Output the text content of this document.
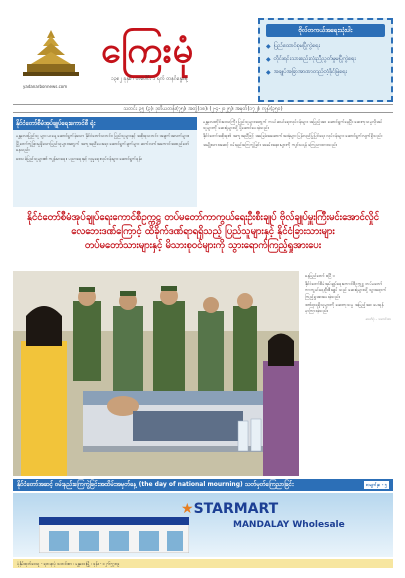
yadanarbonnews.com
ကြေးမုံ
၁၃၈၂ ခုနှစ် ၊ တပေါင်း ၁ ရက် တနင်္ဂနွေနေ့
ဗိုလ်တကယ်အရေးသုံးပါး
◆ ပြည်ထောင်စုမပြိုကွဲရေး
◆ တိုင်းရင်းသားစည်းလုံးညီညွတ်မှုမပြိုကွဲရေး
◆ အချုပ်အခြာအာဏာတည်တံ့ခိုင်မြဲရေး
သတင်း ၃၅ (၃)၊ ဒုတိယတန်း(၇၅)၊ အတွဲ(၁၈)၊ (၂-၄-၂၀၂၅)၊ အမှတ်(၁၇၂)၊ ကျပ်(၃၅၀)
နိုင်ငံတော်စီမံအုပ်ချုပ်ရေးကောင်စီ ရုံး

မန္တလေးပြည်သူ များ ယနေ့ ဆောင်ရွက်ခဲ့သော နိုင်ငံတော်သတင်း၊ ပြည်သူများနှင့် အစိုးရသတင်း အချက်အလက်များ။

မြို့တော်ကွဲခြားမှုရှိသောပြည်သူများအတွက် အကူအညီပေးရေး ဆောင်ရွက်ချက်များ ဆက်လက်အကောင်အထည်ဖော်နေသည်။

ဒေသခံပြည်သူများ၏ ကျန်းမာရေး၊ ပညာရေးနှင့် လူမှုရေးလုပ်ငန်းများ ဆောင်ရွက်ရန်။

မန္တလေးတိုင်းဒေသကြီး ပြည်သူများအတွက် ကယ်ဆယ်ရေးလုပ်ငန်းများ အပြည့်အဝ ဆောင်ရွက်နေပြီး ဆေးကုသမှုလိုအပ်သူများကို ဆေးရုံများသို့ ပို့ဆောင်ပေးခဲ့သည်။

နိုင်ငံတော်အစိုးရ၏ အကူအညီဖြင့် အခြေခံအဆောက်အအုံများ ပြန်လည်ပြုပြင်ရေး လုပ်ငန်းများ ဆောင်ရွက်လျက်ရှိသည်။

အမျိုးသားအဆင့် ဝမ်းနည်းကြေကွဲခြင်း အခမ်းအနားများကို ကျင်းပရန် ကြေညာထားသည်။

နိုင်ငံတော်စီမံအုပ်ချုပ်ရေးကောင်စီဥက္ကဋ္ဌ တပ်မတော်ကာကွယ်ရေးဦးစီးချုပ် ဗိုလ်ချုပ်မှူးကြီးမင်းအောင်လှိုင်
လေဘေးဒဏ်ကြောင့် ထိခိုက်ဒဏ်ရာရရှိသည့် ပြည်သူများနှင့် နိုင်ငံခြားသားများ
တပ်မတော်သားများနှင့် မိသားစုဝင်များကို သွားရောက်ကြည့်ရှုအားပေး

နေပြည်တော် ဧပြီ ၁

နိုင်ငံတော်စီမံအုပ်ချုပ်ရေးကောင်စီဥက္ကဋ္ဌ တပ်မတော်ကာကွယ်ရေးဦးစီးချုပ် သည် ဆေးရုံများသို့ သွားရောက်ကြည့်ရှုအားပေးခဲ့သည်။

ဒဏ်ရာရရှိသူများကို ဆေးကုသမှု အပြည့်အဝ ပေးရန် မှာကြားခဲ့သည်။

ဓာတ်ပုံ - သတင်းစာ
နိုင်ငံတော်အဆင့် ဝမ်းနည်းကြေကွဲခြင်းအထိမ်းအမှတ်နေ့ (the day of national mourning) သတ်မှတ်ကြေညာခြင်း	စာမျက်နှာ - ၅
★STARMART
MANDALAY Wholesale
ပုံနှိပ်ထုတ်ဝေသူ - ရတနာပုံ သတင်းစာ ၊ မန္တလေးမြို့ ၊ ဖုန်း - ၀၂-၆၅၇၈၉
